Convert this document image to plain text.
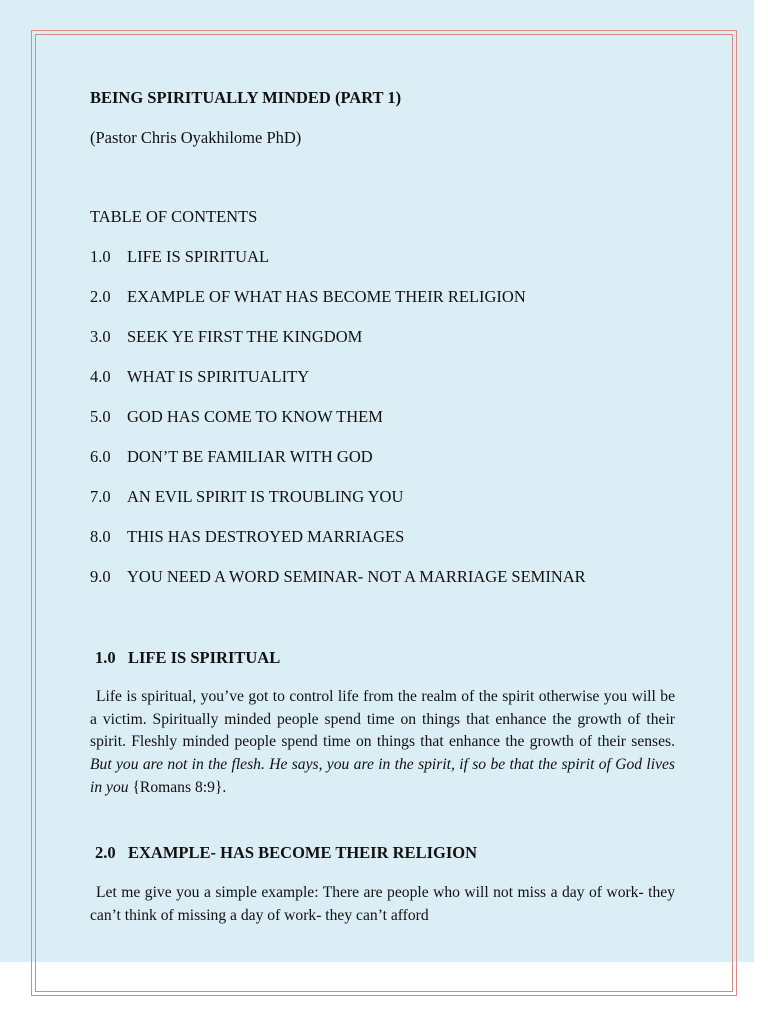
BEING SPIRITUALLY MINDED (PART 1)
(Pastor Chris Oyakhilome PhD)
TABLE OF CONTENTS
1.0 LIFE IS SPIRITUAL
2.0 EXAMPLE OF WHAT HAS BECOME THEIR RELIGION
3.0 SEEK YE FIRST THE KINGDOM
4.0 WHAT IS SPIRITUALITY
5.0 GOD HAS COME TO KNOW THEM
6.0 DON’T BE FAMILIAR WITH GOD
7.0 AN EVIL SPIRIT IS TROUBLING YOU
8.0 THIS HAS DESTROYED MARRIAGES
9.0 YOU NEED A WORD SEMINAR- NOT A MARRIAGE SEMINAR
1.0 LIFE IS SPIRITUAL

Life is spiritual, you’ve got to control life from the realm of the spirit otherwise you will be a victim. Spiritually minded people spend time on things that enhance the growth of their spirit. Fleshly minded people spend time on things that enhance the growth of their senses. But you are not in the flesh. He says, you are in the spirit, if so be that the spirit of God lives in you {Romans 8:9}.

2.0 EXAMPLE- HAS BECOME THEIR RELIGION

Let me give you a simple example: There are people who will not miss a day of work- they can’t think of missing a day of work- they can’t afford
